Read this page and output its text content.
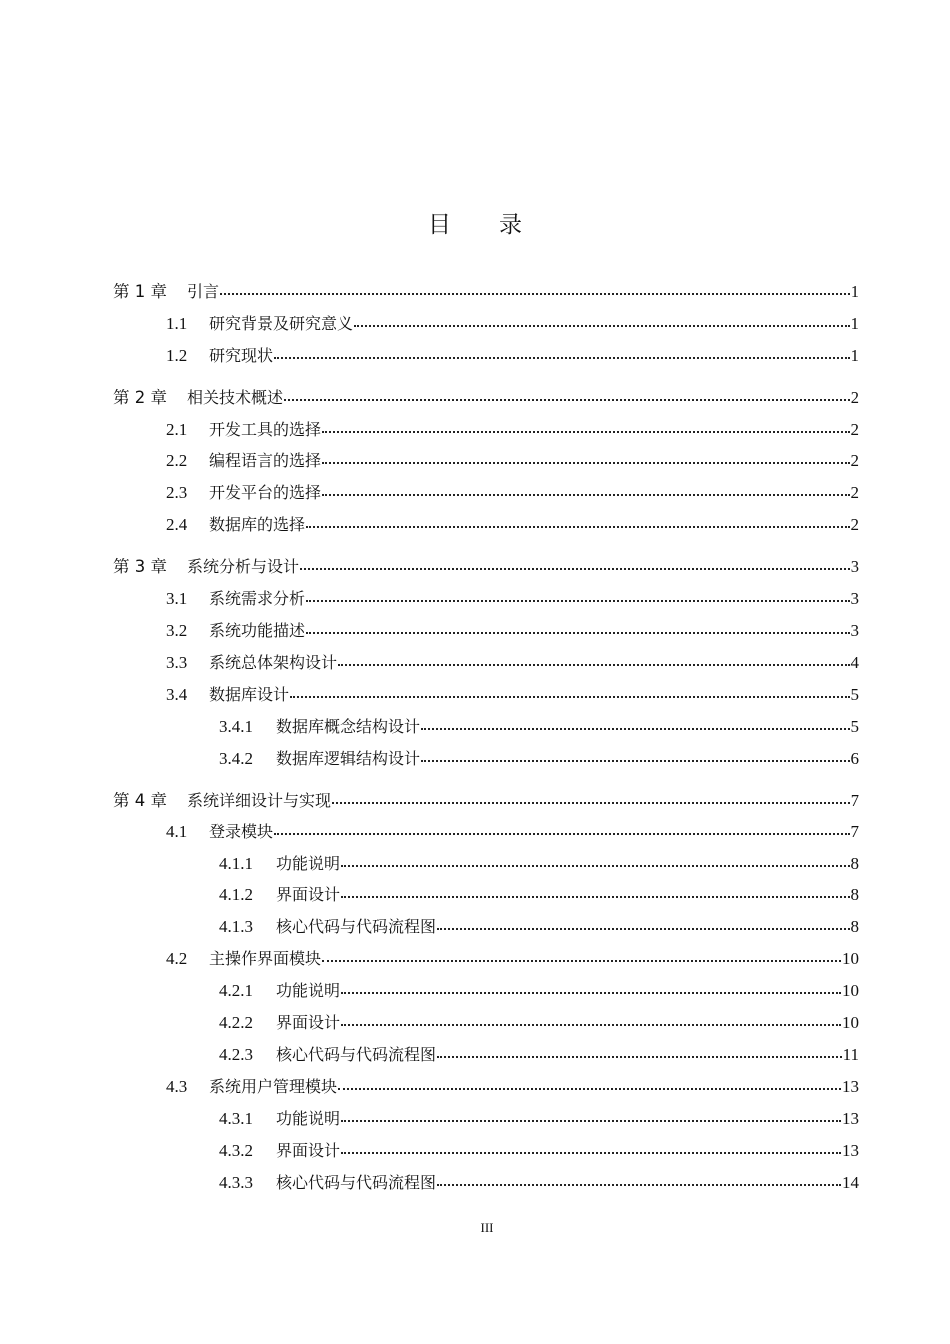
目录
第 1 章	引言	1
1.1	研究背景及研究意义	1
1.2	研究现状	1
第 2 章	相关技术概述	2
2.1	开发工具的选择	2
2.2	编程语言的选择	2
2.3	开发平台的选择	2
2.4	数据库的选择	2
第 3 章	系统分析与设计	3
3.1	系统需求分析	3
3.2	系统功能描述	3
3.3	系统总体架构设计	4
3.4	数据库设计	5
3.4.1	数据库概念结构设计	5
3.4.2	数据库逻辑结构设计	6
第 4 章	系统详细设计与实现	7
4.1	登录模块	7
4.1.1	功能说明	8
4.1.2	界面设计	8
4.1.3	核心代码与代码流程图	8
4.2	主操作界面模块	10
4.2.1	功能说明	10
4.2.2	界面设计	10
4.2.3	核心代码与代码流程图	11
4.3	系统用户管理模块	13
4.3.1	功能说明	13
4.3.2	界面设计	13
4.3.3	核心代码与代码流程图	14
III
